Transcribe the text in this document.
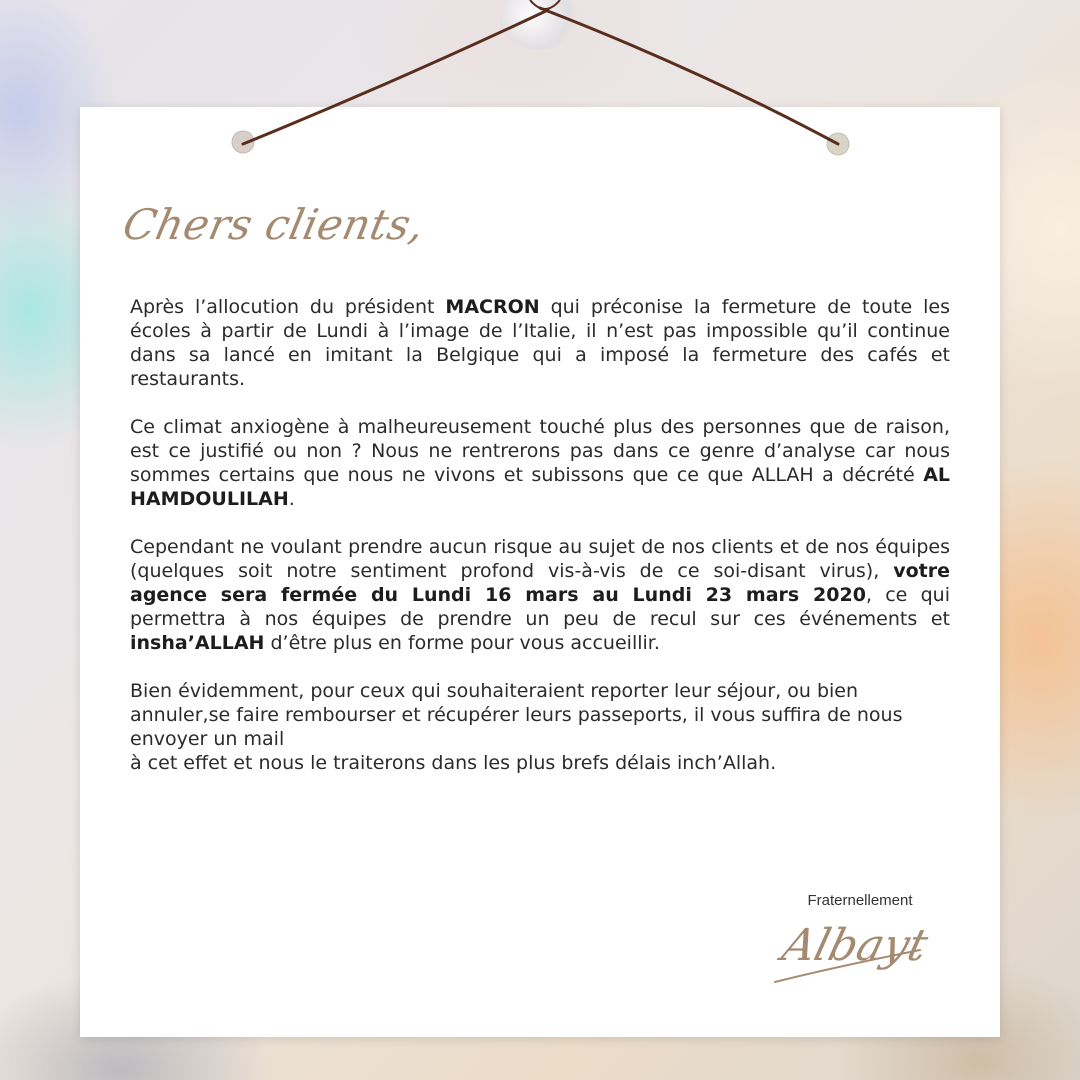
Chers clients,

Après l’allocution du président MACRON qui préconise la fermeture de toute les écoles à partir de Lundi à l’image de l’Italie, il n’est pas impossible qu’il continue dans sa lancé en imitant la Belgique qui a imposé la fermeture des cafés et restaurants.

Ce climat anxiogène à malheureusement touché plus des personnes que de raison, est ce justifié ou non ? Nous ne rentrerons pas dans ce genre d’analyse car nous sommes certains que nous ne vivons et subissons que ce que ALLAH a décrété AL HAMDOULILAH.

Cependant ne voulant prendre aucun risque au sujet de nos clients et de nos équipes (quelques soit notre sentiment profond vis-à-vis de ce soi-disant virus), votre agence sera fermée du Lundi 16 mars au Lundi 23 mars 2020, ce qui permettra à nos équipes de prendre un peu de recul sur ces événements et insha’ALLAH d’être plus en forme pour vous accueillir.

Bien évidemment, pour ceux qui souhaiteraient reporter leur séjour, ou bien annuler,se faire rembourser et récupérer leurs passeports, il vous suffira de nous envoyer un mail
à cet effet et nous le traiterons dans les plus brefs délais inch’Allah.

Fraternellement
Albayt
